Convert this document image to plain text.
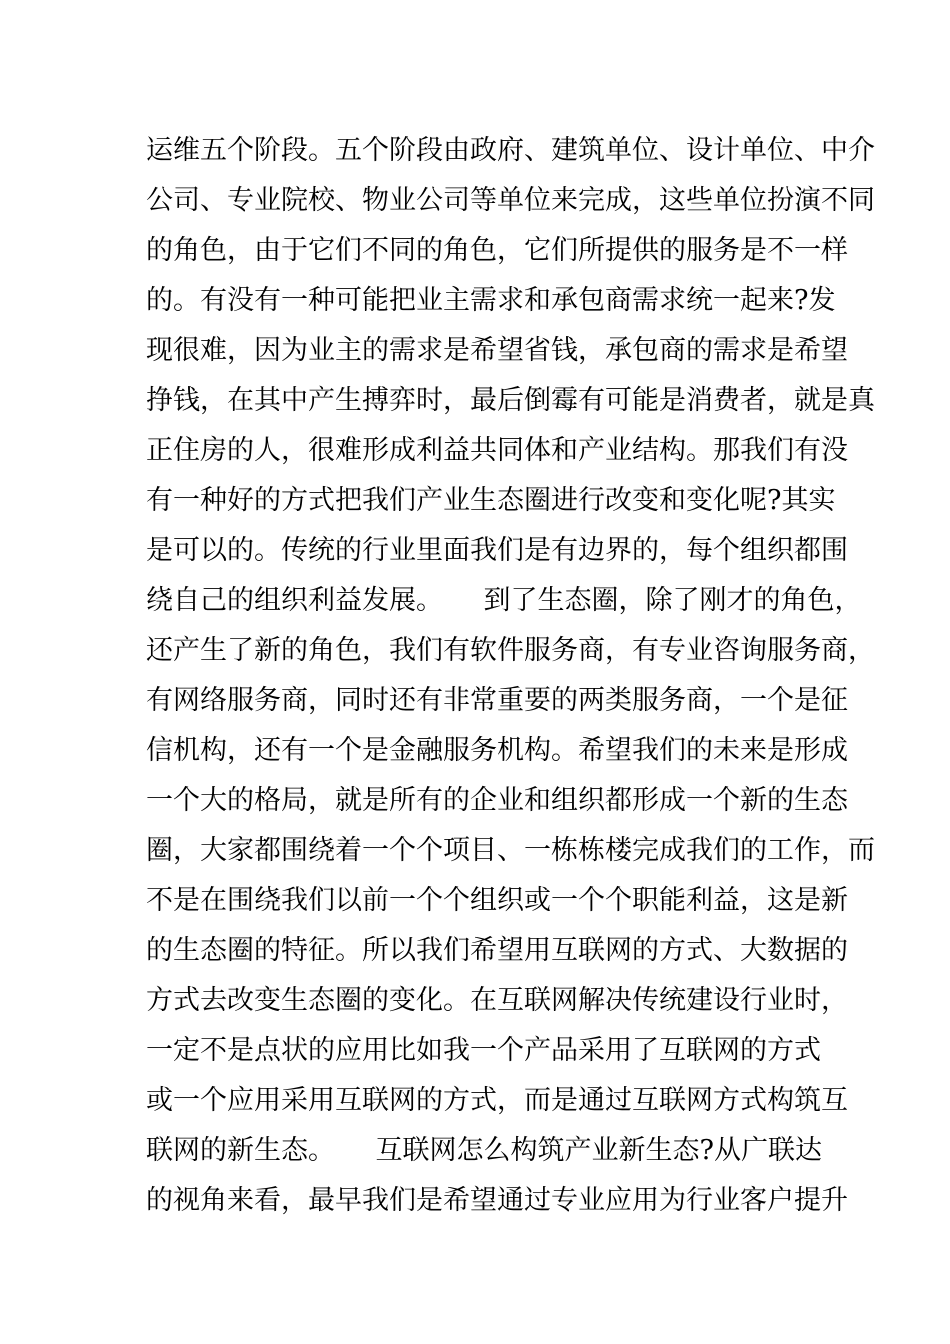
运维五个阶段。五个阶段由政府、建筑单位、设计单位、中介
公司、专业院校、物业公司等单位来完成，这些单位扮演不同
的角色，由于它们不同的角色，它们所提供的服务是不一样
的。有没有一种可能把业主需求和承包商需求统一起来?发
现很难，因为业主的需求是希望省钱，承包商的需求是希望
挣钱，在其中产生搏弈时，最后倒霉有可能是消费者，就是真
正住房的人，很难形成利益共同体和产业结构。那我们有没
有一种好的方式把我们产业生态圈进行改变和变化呢?其实
是可以的。传统的行业里面我们是有边界的，每个组织都围
绕自己的组织利益发展。　　到了生态圈，除了刚才的角色，
还产生了新的角色，我们有软件服务商，有专业咨询服务商，
有网络服务商，同时还有非常重要的两类服务商，一个是征
信机构，还有一个是金融服务机构。希望我们的未来是形成
一个大的格局，就是所有的企业和组织都形成一个新的生态
圈，大家都围绕着一个个项目、一栋栋楼完成我们的工作，而
不是在围绕我们以前一个个组织或一个个职能利益，这是新
的生态圈的特征。所以我们希望用互联网的方式、大数据的
方式去改变生态圈的变化。在互联网解决传统建设行业时，
一定不是点状的应用比如我一个产品采用了互联网的方式
或一个应用采用互联网的方式，而是通过互联网方式构筑互
联网的新生态。　　互联网怎么构筑产业新生态?从广联达
的视角来看，最早我们是希望通过专业应用为行业客户提升
